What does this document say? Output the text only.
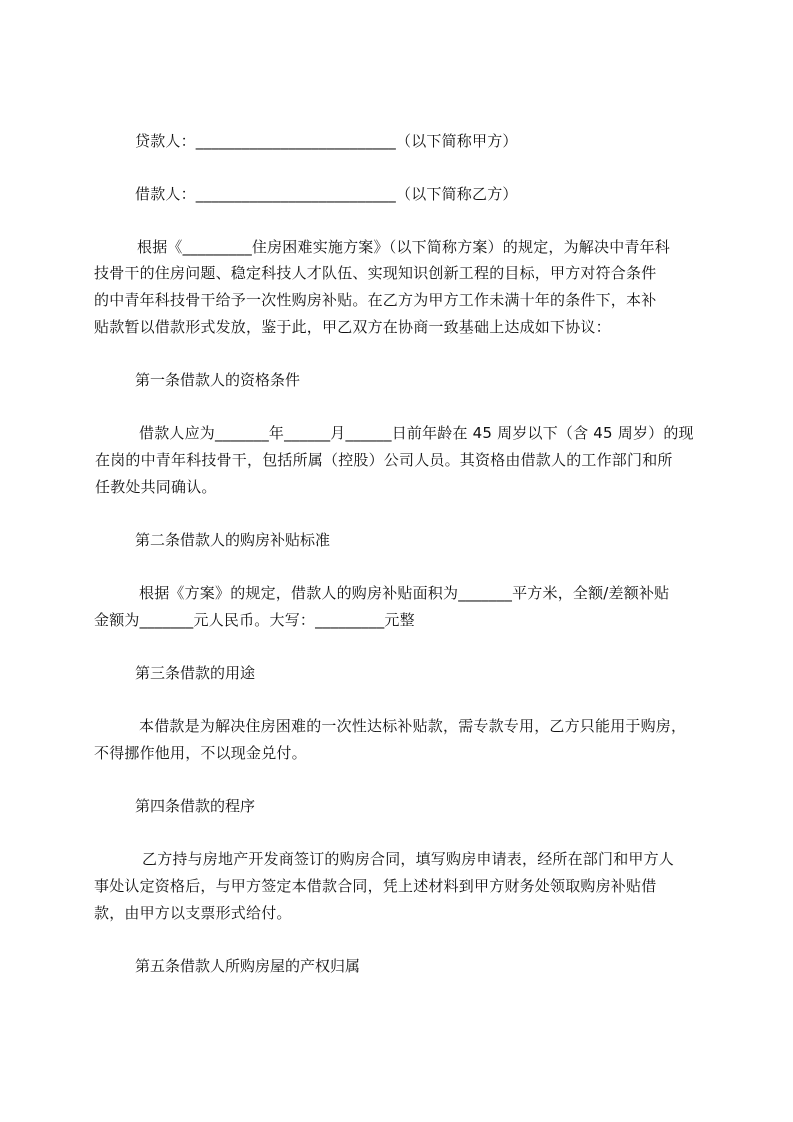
贷款人：__________________________（以下简称甲方）
借款人：__________________________（以下简称乙方）
根据《_________住房困难实施方案》（以下简称方案）的规定，为解决中青年科
技骨干的住房问题、稳定科技人才队伍、实现知识创新工程的目标，甲方对符合条件
的中青年科技骨干给予一次性购房补贴。在乙方为甲方工作未满十年的条件下，本补
贴款暂以借款形式发放，鉴于此，甲乙双方在协商一致基础上达成如下协议：
第一条借款人的资格条件
借款人应为_______年______月______日前年龄在 45 周岁以下（含 45 周岁）的现
在岗的中青年科技骨干，包括所属（控股）公司人员。其资格由借款人的工作部门和所
任教处共同确认。
第二条借款人的购房补贴标准
根据《方案》的规定，借款人的购房补贴面积为_______平方米，全额/差额补贴
金额为_______元人民币。大写：_________元整
第三条借款的用途
本借款是为解决住房困难的一次性达标补贴款，需专款专用，乙方只能用于购房，
不得挪作他用，不以现金兑付。
第四条借款的程序
乙方持与房地产开发商签订的购房合同，填写购房申请表，经所在部门和甲方人
事处认定资格后，与甲方签定本借款合同，凭上述材料到甲方财务处领取购房补贴借
款，由甲方以支票形式给付。
第五条借款人所购房屋的产权归属
